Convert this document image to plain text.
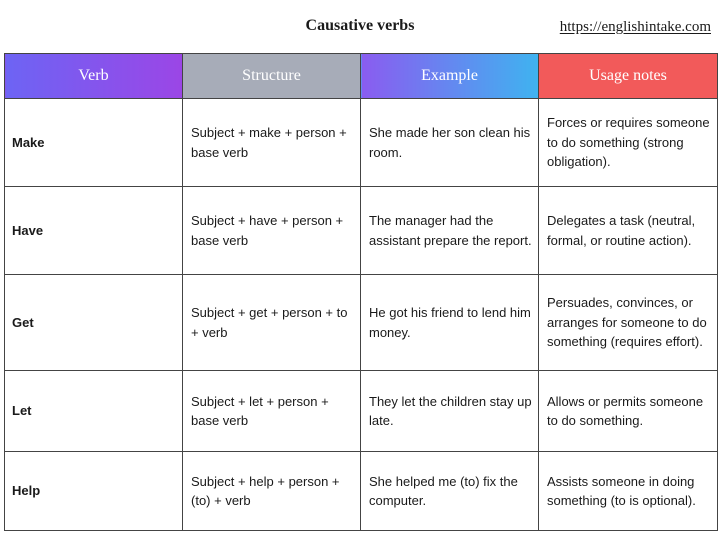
Causative verbs	https://englishintake.com
Verb	Structure	Example	Usage notes
Make	Subject + make + person + base verb	She made her son clean his room.	Forces or requires someone to do something (strong obligation).
Have	Subject + have + person + base verb	The manager had the assistant prepare the report.	Delegates a task (neutral, formal, or routine action).
Get	Subject + get + person + to + verb	He got his friend to lend him money.	Persuades, convinces, or arranges for someone to do something (requires effort).
Let	Subject + let + person + base verb	They let the children stay up late.	Allows or permits someone to do something.
Help	Subject + help + person + (to) + verb	She helped me (to) fix the computer.	Assists someone in doing something (to is optional).
